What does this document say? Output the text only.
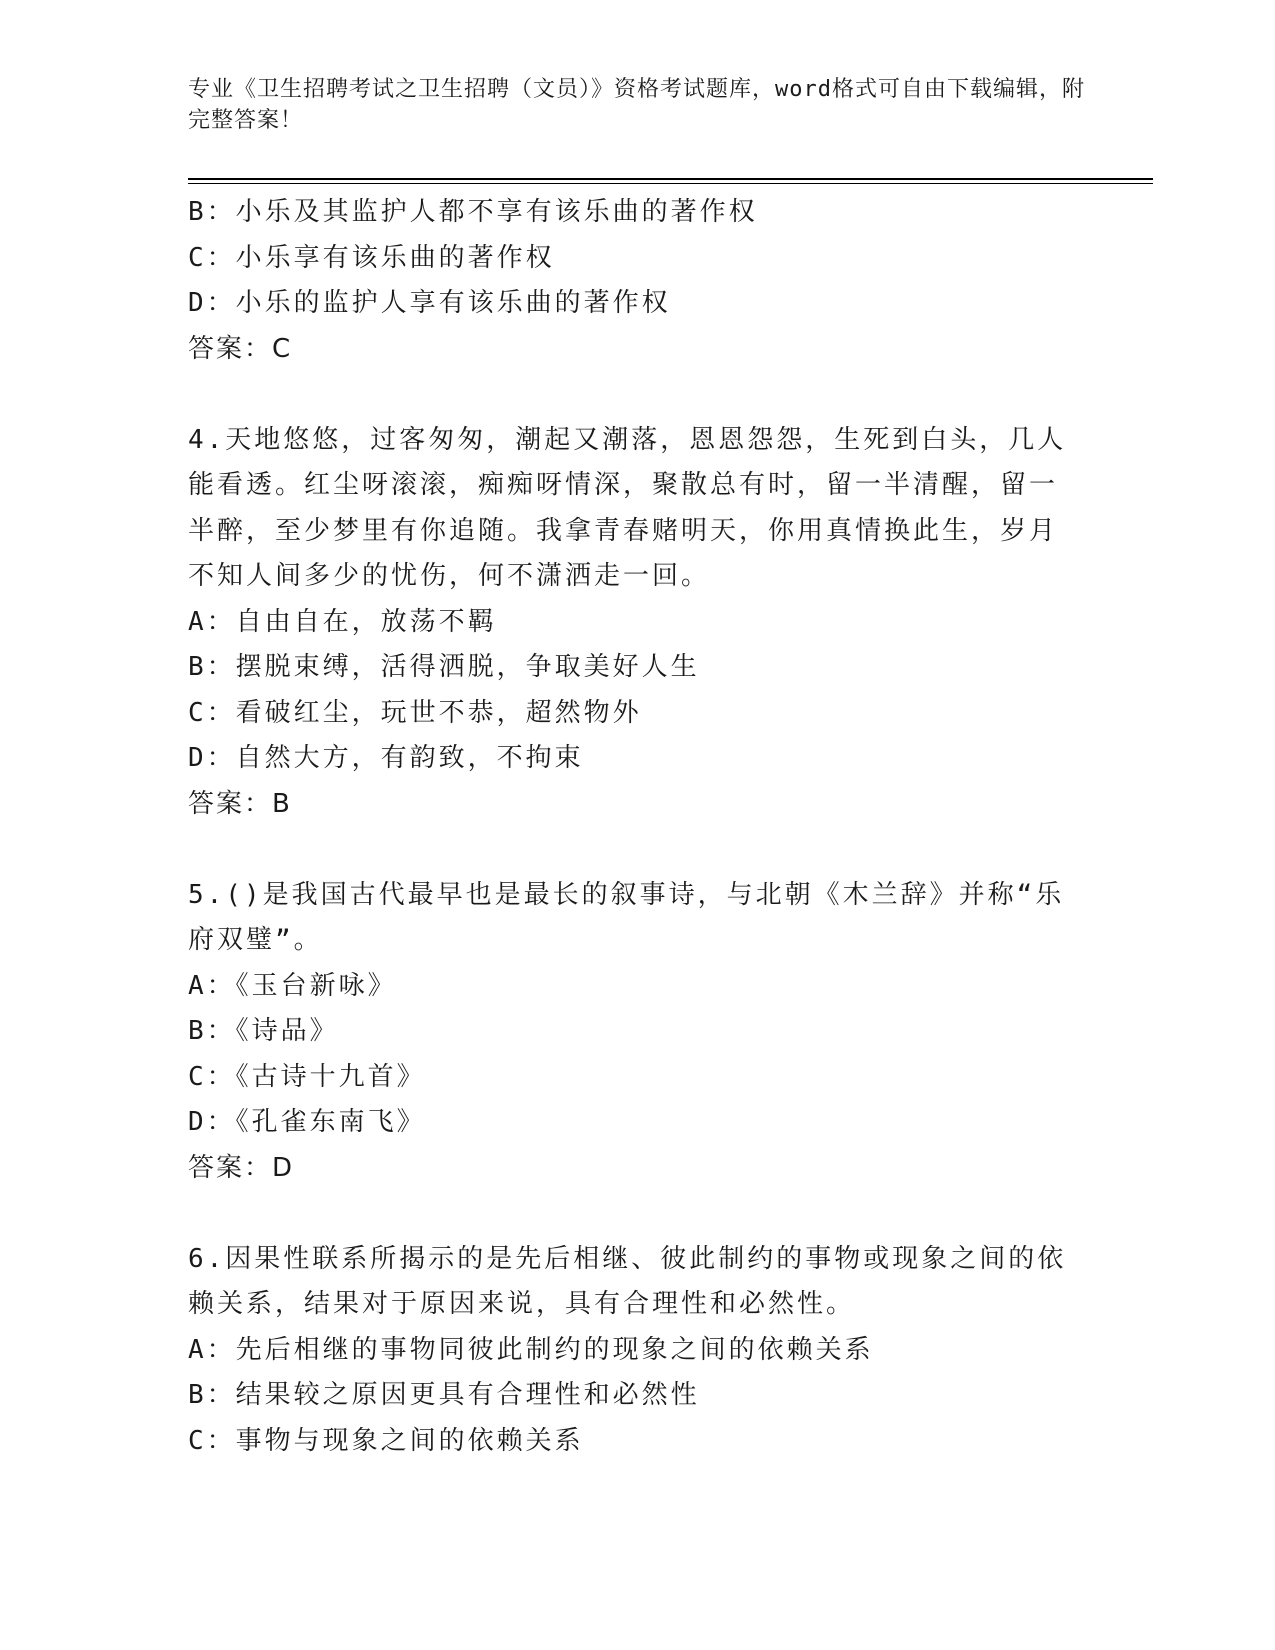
专业《卫生招聘考试之卫生招聘（文员）》资格考试题库，word格式可自由下载编辑，附完整答案！
B：小乐及其监护人都不享有该乐曲的著作权
C：小乐享有该乐曲的著作权
D：小乐的监护人享有该乐曲的著作权
答案：C
4.天地悠悠，过客匆匆，潮起又潮落，恩恩怨怨，生死到白头，几人
能看透。红尘呀滚滚，痴痴呀情深，聚散总有时，留一半清醒，留一
半醉，至少梦里有你追随。我拿青春赌明天，你用真情换此生，岁月
不知人间多少的忧伤，何不潇洒走一回。
A：自由自在，放荡不羁
B：摆脱束缚，活得洒脱，争取美好人生
C：看破红尘，玩世不恭，超然物外
D：自然大方，有韵致，不拘束
答案：B
5.()是我国古代最早也是最长的叙事诗，与北朝《木兰辞》并称“乐
府双璧”。
A：《玉台新咏》
B：《诗品》
C：《古诗十九首》
D：《孔雀东南飞》
答案：D
6.因果性联系所揭示的是先后相继、彼此制约的事物或现象之间的依
赖关系，结果对于原因来说，具有合理性和必然性。
A：先后相继的事物同彼此制约的现象之间的依赖关系
B：结果较之原因更具有合理性和必然性
C：事物与现象之间的依赖关系
